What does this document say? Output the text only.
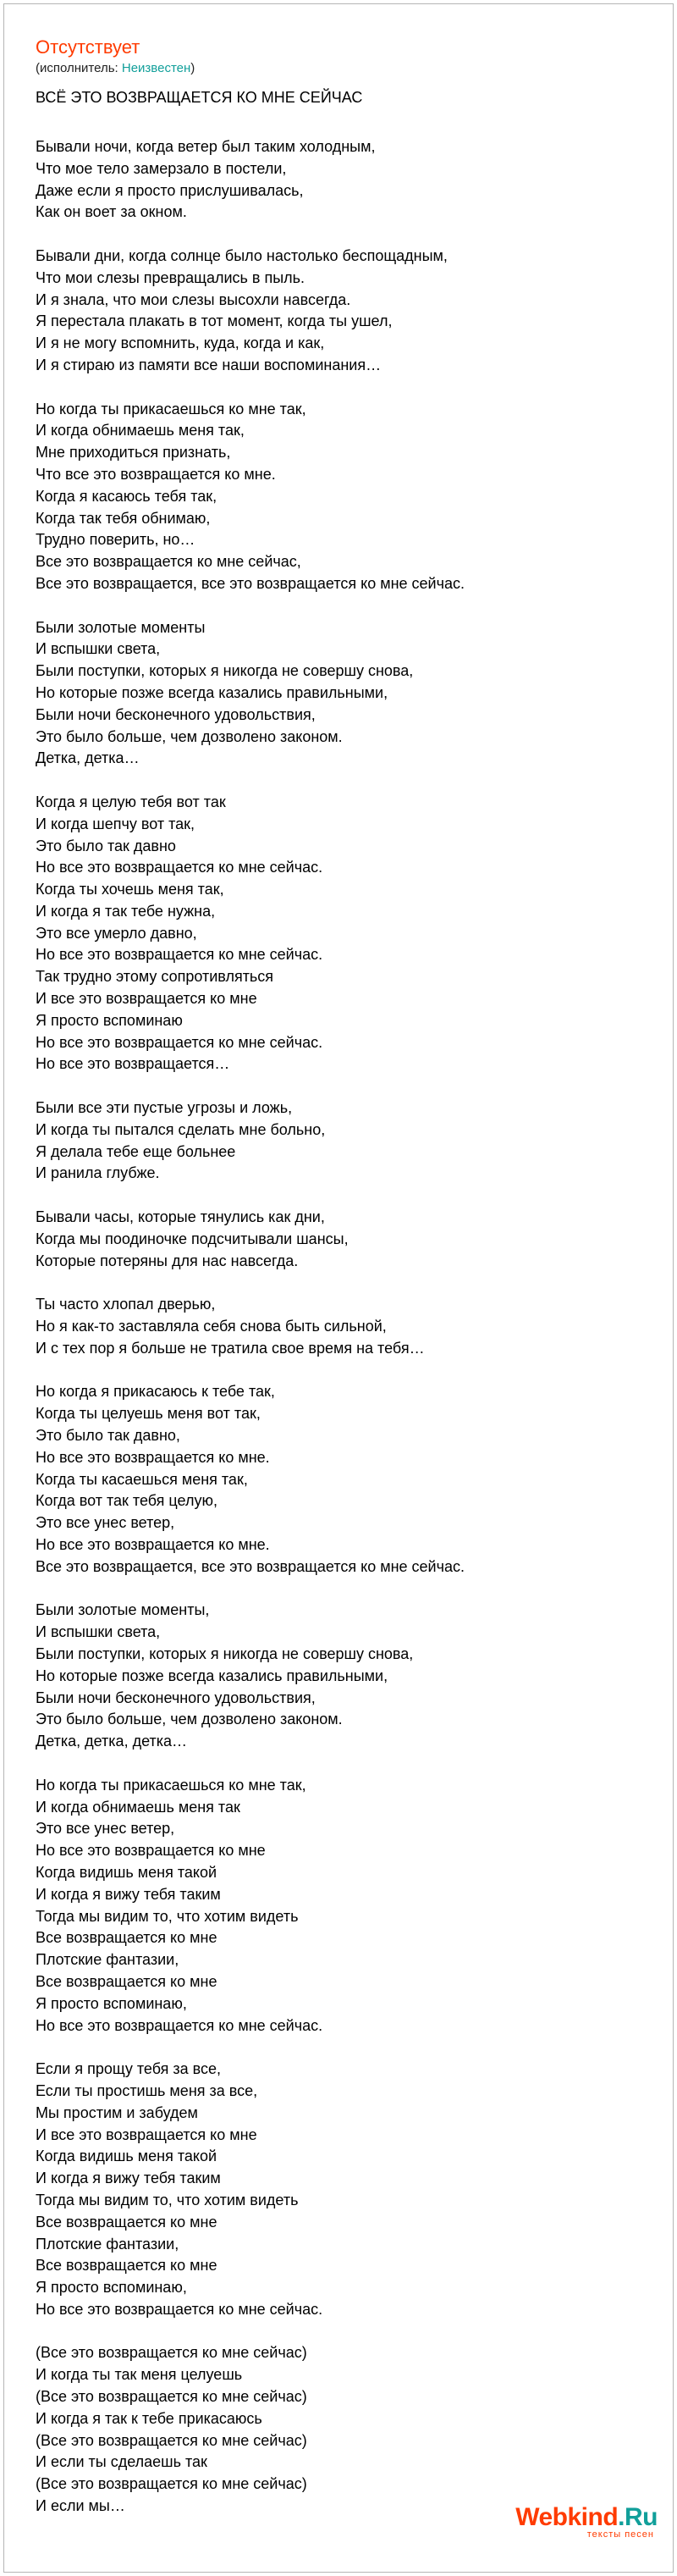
Отсутствует
(исполнитель: Неизвестен)
ВСЁ ЭТО ВОЗВРАЩАЕТСЯ КО МНЕ СЕЙЧАС
Бывали ночи, когда ветер был таким холодным,
Что мое тело замерзало в постели,
Даже если я просто прислушивалась,
Как он воет за окном.
Бывали дни, когда солнце было настолько беспощадным,
Что мои слезы превращались в пыль.
И я знала, что мои слезы высохли навсегда.
Я перестала плакать в тот момент, когда ты ушел,
И я не могу вспомнить, куда, когда и как,
И я стираю из памяти все наши воспоминания…
Но когда ты прикасаешься ко мне так,
И когда обнимаешь меня так,
Мне приходиться признать,
Что все это возвращается ко мне.
Когда я касаюсь тебя так,
Когда так тебя обнимаю,
Трудно поверить, но…
Все это возвращается ко мне сейчас,
Все это возвращается, все это возвращается ко мне сейчас.
Были золотые моменты
И вспышки света,
Были поступки, которых я никогда не совершу снова,
Но которые позже всегда казались правильными,
Были ночи бесконечного удовольствия,
Это было больше, чем дозволено законом.
Детка, детка…
Когда я целую тебя вот так
И когда шепчу вот так,
Это было так давно
Но все это возвращается ко мне сейчас.
Когда ты хочешь меня так,
И когда я так тебе нужна,
Это все умерло давно,
Но все это возвращается ко мне сейчас.
Так трудно этому сопротивляться
И все это возвращается ко мне
Я просто вспоминаю
Но все это возвращается ко мне сейчас.
Но все это возвращается…
Были все эти пустые угрозы и ложь,
И когда ты пытался сделать мне больно,
Я делала тебе еще больнее
И ранила глубже.
Бывали часы, которые тянулись как дни,
Когда мы поодиночке подсчитывали шансы,
Которые потеряны для нас навсегда.
Ты часто хлопал дверью,
Но я как-то заставляла себя снова быть сильной,
И с тех пор я больше не тратила свое время на тебя…
Но когда я прикасаюсь к тебе так,
Когда ты целуешь меня вот так,
Это было так давно,
Но все это возвращается ко мне.
Когда ты касаешься меня так,
Когда вот так тебя целую,
Это все унес ветер,
Но все это возвращается ко мне.
Все это возвращается, все это возвращается ко мне сейчас.
Были золотые моменты,
И вспышки света,
Были поступки, которых я никогда не совершу снова,
Но которые позже всегда казались правильными,
Были ночи бесконечного удовольствия,
Это было больше, чем дозволено законом.
Детка, детка, детка…
Но когда ты прикасаешься ко мне так,
И когда обнимаешь меня так
Это все унес ветер,
Но все это возвращается ко мне
Когда видишь меня такой
И когда я вижу тебя таким
Тогда мы видим то, что хотим видеть
Все возвращается ко мне
Плотские фантазии,
Все возвращается ко мне
Я просто вспоминаю,
Но все это возвращается ко мне сейчас.
Если я прощу тебя за все,
Если ты простишь меня за все,
Мы простим и забудем
И все это возвращается ко мне
Когда видишь меня такой
И когда я вижу тебя таким
Тогда мы видим то, что хотим видеть
Все возвращается ко мне
Плотские фантазии,
Все возвращается ко мне
Я просто вспоминаю,
Но все это возвращается ко мне сейчас.
(Все это возвращается ко мне сейчас)
И когда ты так меня целуешь
(Все это возвращается ко мне сейчас)
И когда я так к тебе прикасаюсь
(Все это возвращается ко мне сейчас)
И если ты сделаешь так
(Все это возвращается ко мне сейчас)
И если мы…	Webkind.Ru
тексты песен
